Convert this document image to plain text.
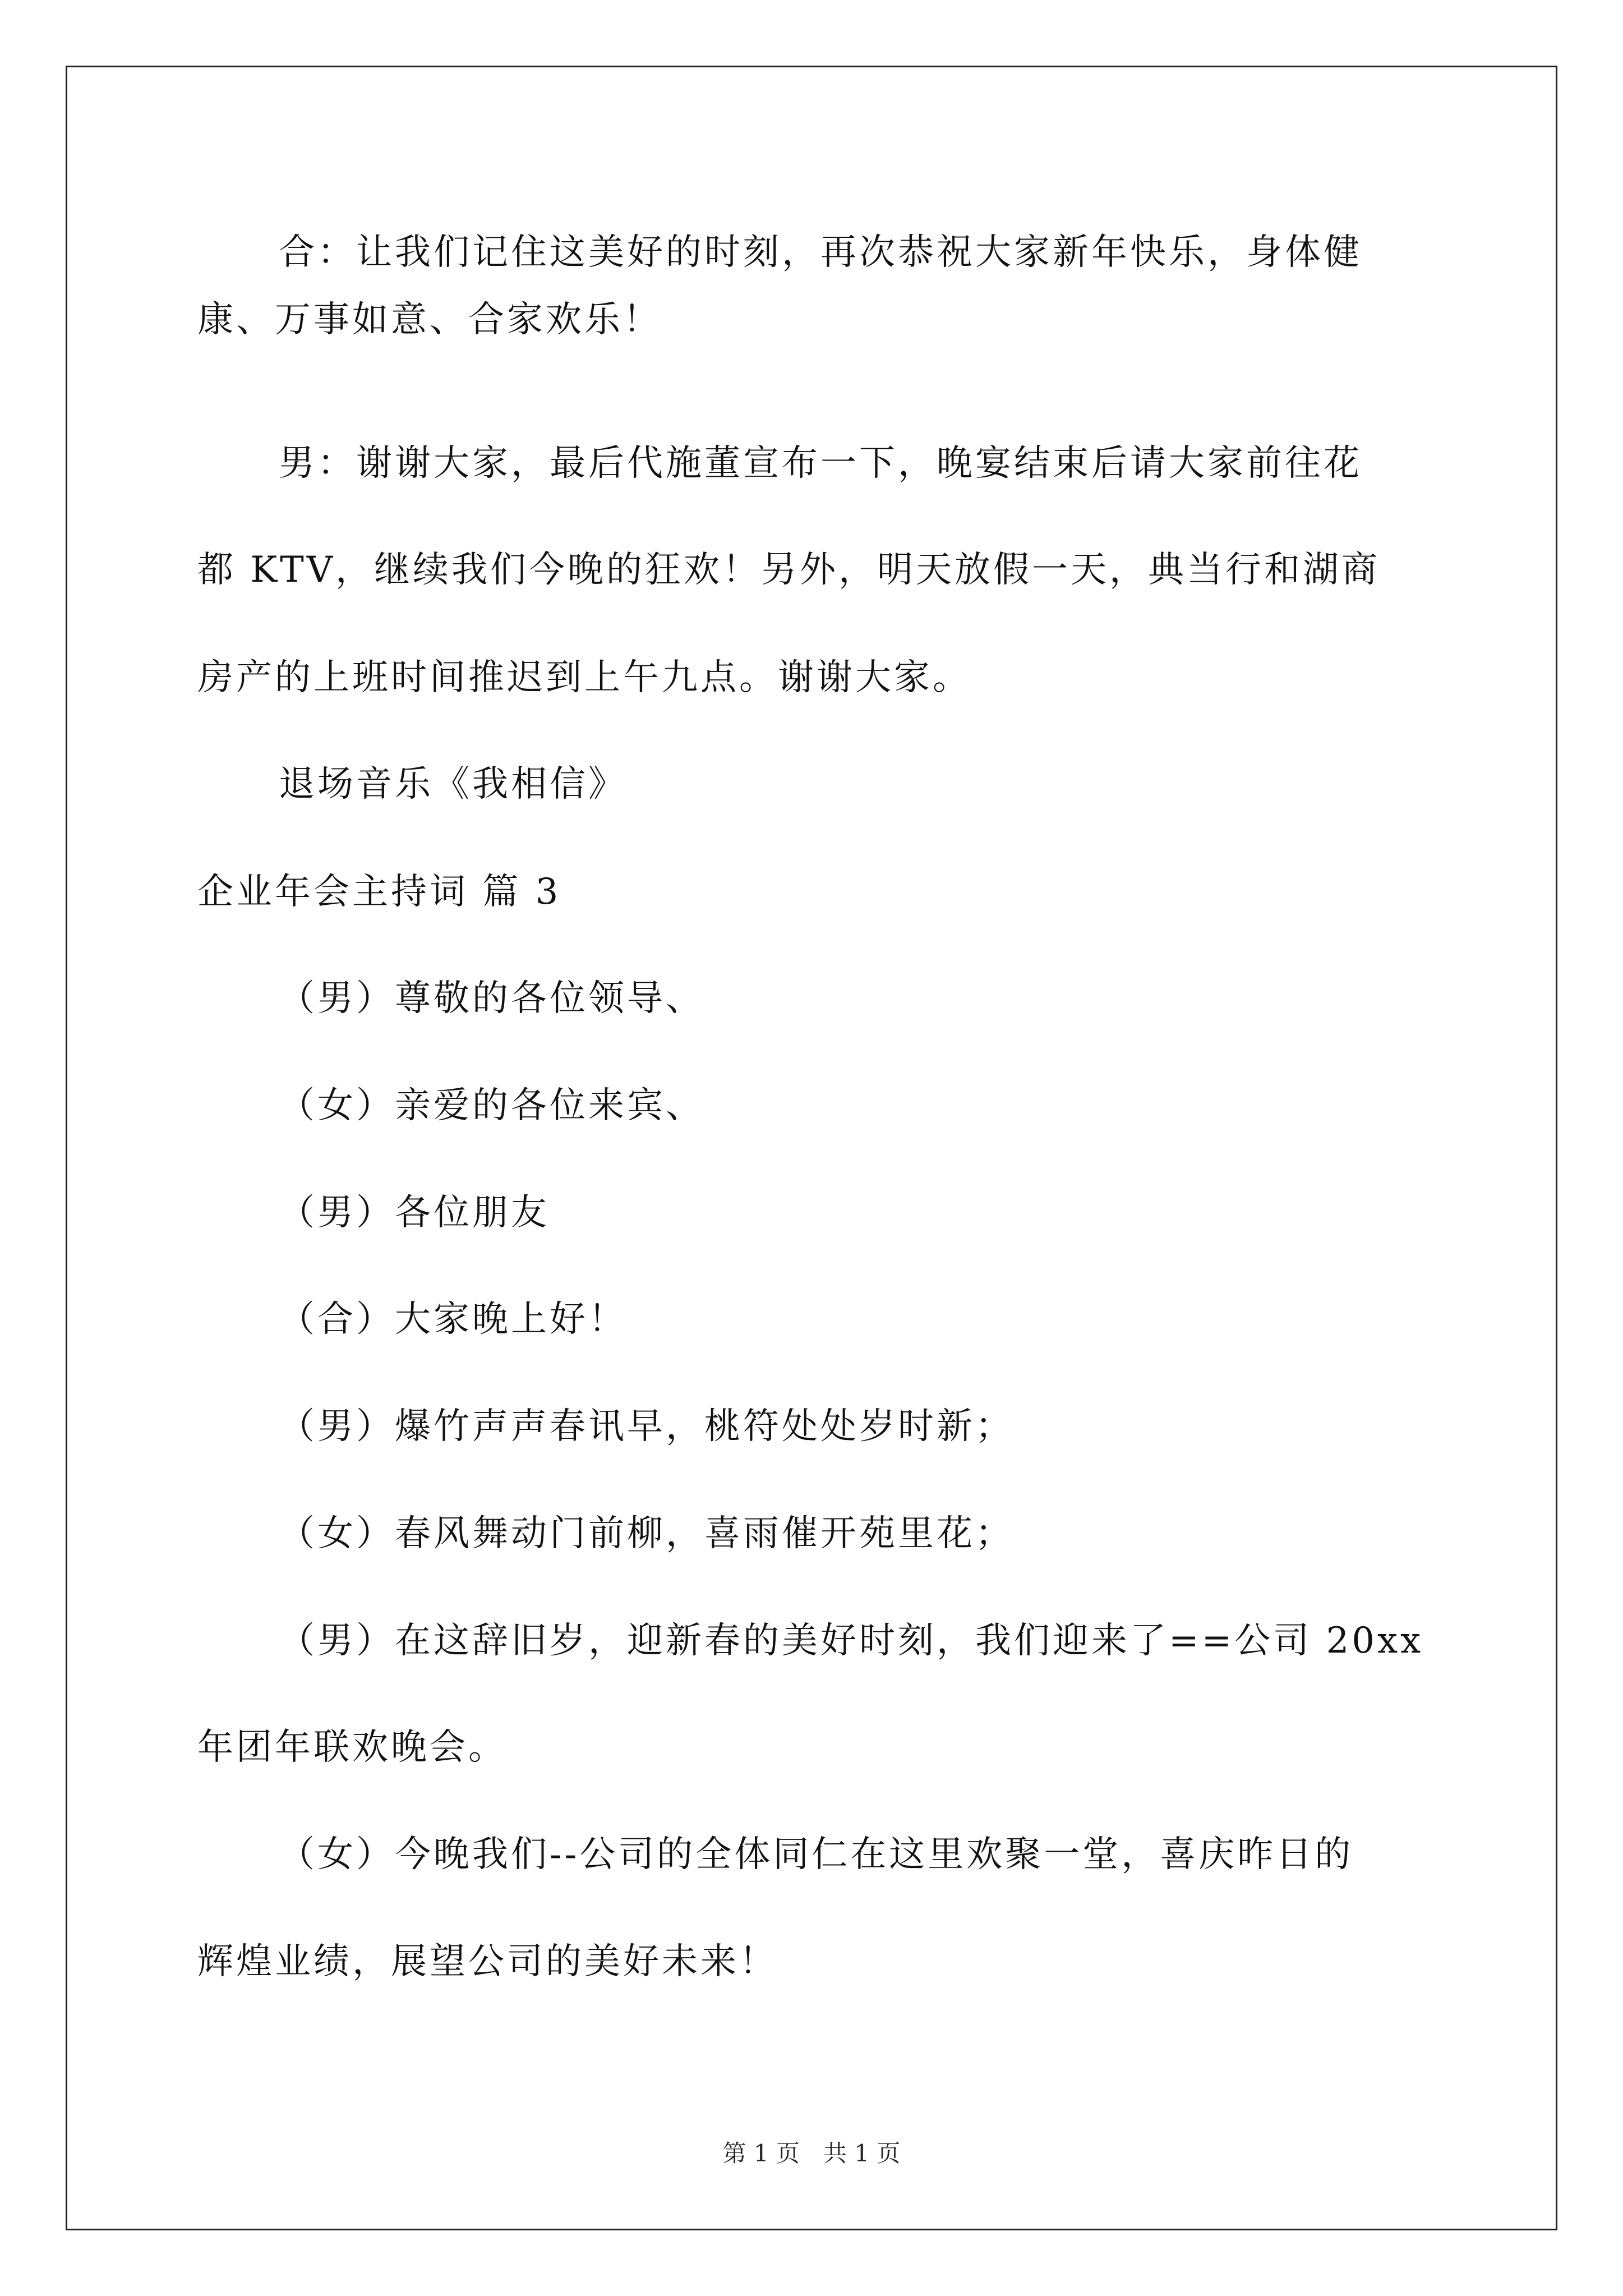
合：让我们记住这美好的时刻，再次恭祝大家新年快乐，身体健
康、万事如意、合家欢乐！
男：谢谢大家，最后代施董宣布一下，晚宴结束后请大家前往花
都 KTV，继续我们今晚的狂欢！另外，明天放假一天，典当行和湖商
房产的上班时间推迟到上午九点。谢谢大家。
退场音乐《我相信》
企业年会主持词 篇 3
（男）尊敬的各位领导、
（女）亲爱的各位来宾、
（男）各位朋友
（合）大家晚上好！
（男）爆竹声声春讯早，桃符处处岁时新；
（女）春风舞动门前柳，喜雨催开苑里花；
（男）在这辞旧岁，迎新春的美好时刻，我们迎来了==公司 20xx
年团年联欢晚会。
（女）今晚我们--公司的全体同仁在这里欢聚一堂，喜庆昨日的
辉煌业绩，展望公司的美好未来！
第 1 页　共 1 页
